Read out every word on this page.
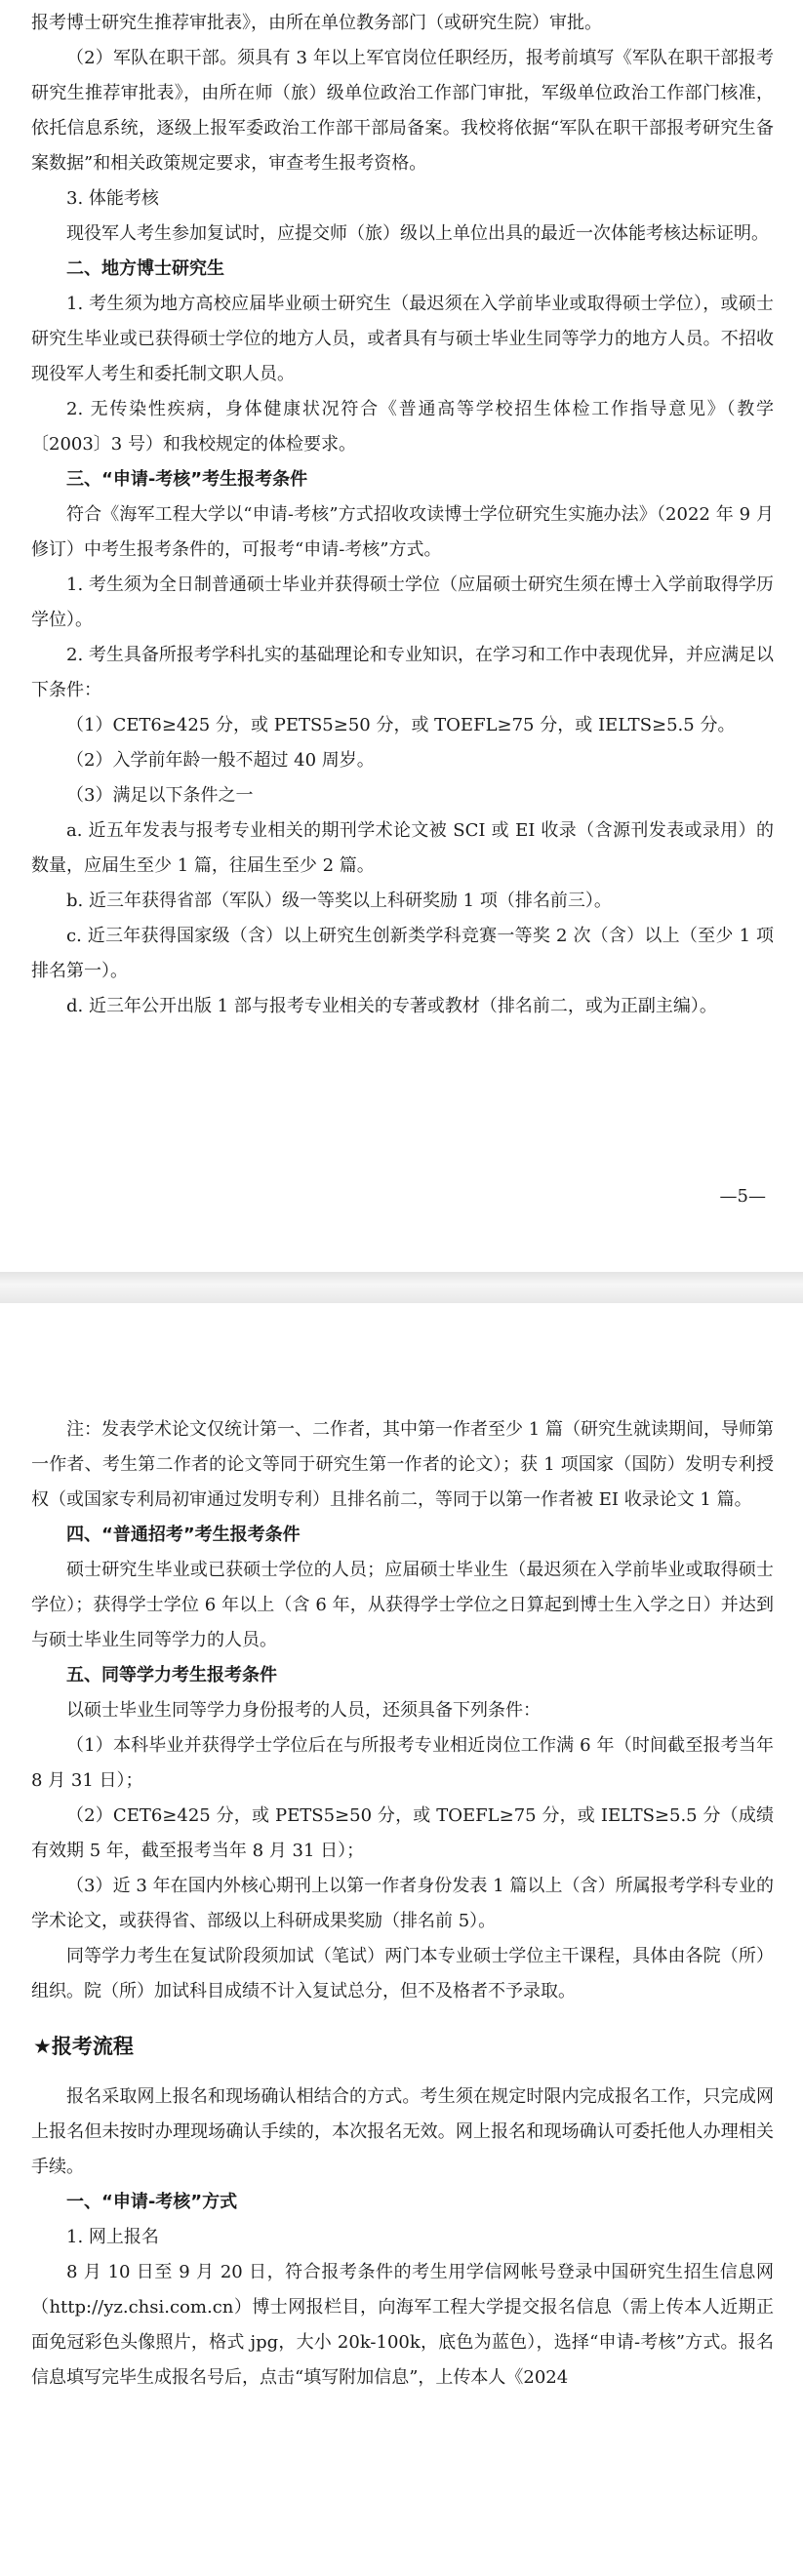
报考博士研究生推荐审批表》，由所在单位教务部门（或研究生院）审批。

（2）军队在职干部。须具有 3 年以上军官岗位任职经历，报考前填写《军队在职干部报考研究生推荐审批表》，由所在师（旅）级单位政治工作部门审批，军级单位政治工作部门核准，依托信息系统，逐级上报军委政治工作部干部局备案。我校将依据“军队在职干部报考研究生备案数据”和相关政策规定要求，审查考生报考资格。

3. 体能考核

现役军人考生参加复试时，应提交师（旅）级以上单位出具的最近一次体能考核达标证明。

二、地方博士研究生

1. 考生须为地方高校应届毕业硕士研究生（最迟须在入学前毕业或取得硕士学位），或硕士研究生毕业或已获得硕士学位的地方人员，或者具有与硕士毕业生同等学力的地方人员。不招收现役军人考生和委托制文职人员。

2. 无传染性疾病，身体健康状况符合《普通高等学校招生体检工作指导意见》（教学〔2003〕3 号）和我校规定的体检要求。

三、“申请-考核”考生报考条件

符合《海军工程大学以“申请-考核”方式招收攻读博士学位研究生实施办法》（2022 年 9 月修订）中考生报考条件的，可报考“申请-考核”方式。

1. 考生须为全日制普通硕士毕业并获得硕士学位（应届硕士研究生须在博士入学前取得学历学位）。

2. 考生具备所报考学科扎实的基础理论和专业知识，在学习和工作中表现优异，并应满足以下条件：

（1）CET6≥425 分，或 PETS5≥50 分，或 TOEFL≥75 分，或 IELTS≥5.5 分。

（2）入学前年龄一般不超过 40 周岁。

（3）满足以下条件之一

a. 近五年发表与报考专业相关的期刊学术论文被 SCI 或 EI 收录（含源刊发表或录用）的数量，应届生至少 1 篇，往届生至少 2 篇。

b. 近三年获得省部（军队）级一等奖以上科研奖励 1 项（排名前三）。

c. 近三年获得国家级（含）以上研究生创新类学科竞赛一等奖 2 次（含）以上（至少 1 项排名第一）。

d. 近三年公开出版 1 部与报考专业相关的专著或教材（排名前二，或为正副主编）。

—5—

注：发表学术论文仅统计第一、二作者，其中第一作者至少 1 篇（研究生就读期间，导师第一作者、考生第二作者的论文等同于研究生第一作者的论文）；获 1 项国家（国防）发明专利授权（或国家专利局初审通过发明专利）且排名前二，等同于以第一作者被 EI 收录论文 1 篇。

四、“普通招考”考生报考条件

硕士研究生毕业或已获硕士学位的人员；应届硕士毕业生（最迟须在入学前毕业或取得硕士学位）；获得学士学位 6 年以上（含 6 年，从获得学士学位之日算起到博士生入学之日）并达到与硕士毕业生同等学力的人员。

五、同等学力考生报考条件

以硕士毕业生同等学力身份报考的人员，还须具备下列条件：

（1）本科毕业并获得学士学位后在与所报考专业相近岗位工作满 6 年（时间截至报考当年 8 月 31 日）；

（2）CET6≥425 分，或 PETS5≥50 分，或 TOEFL≥75 分，或 IELTS≥5.5 分（成绩有效期 5 年，截至报考当年 8 月 31 日）；

（3）近 3 年在国内外核心期刊上以第一作者身份发表 1 篇以上（含）所属报考学科专业的学术论文，或获得省、部级以上科研成果奖励（排名前 5）。

同等学力考生在复试阶段须加试（笔试）两门本专业硕士学位主干课程，具体由各院（所）组织。院（所）加试科目成绩不计入复试总分，但不及格者不予录取。

★报考流程

报名采取网上报名和现场确认相结合的方式。考生须在规定时限内完成报名工作，只完成网上报名但未按时办理现场确认手续的，本次报名无效。网上报名和现场确认可委托他人办理相关手续。

一、“申请-考核”方式

1. 网上报名

8 月 10 日至 9 月 20 日，符合报考条件的考生用学信网帐号登录中国研究生招生信息网（http://yz.chsi.com.cn）博士网报栏目，向海军工程大学提交报名信息（需上传本人近期正面免冠彩色头像照片，格式 jpg，大小 20k-100k，底色为蓝色），选择“申请-考核”方式。报名信息填写完毕生成报名号后，点击“填写附加信息”，上传本人《2024
